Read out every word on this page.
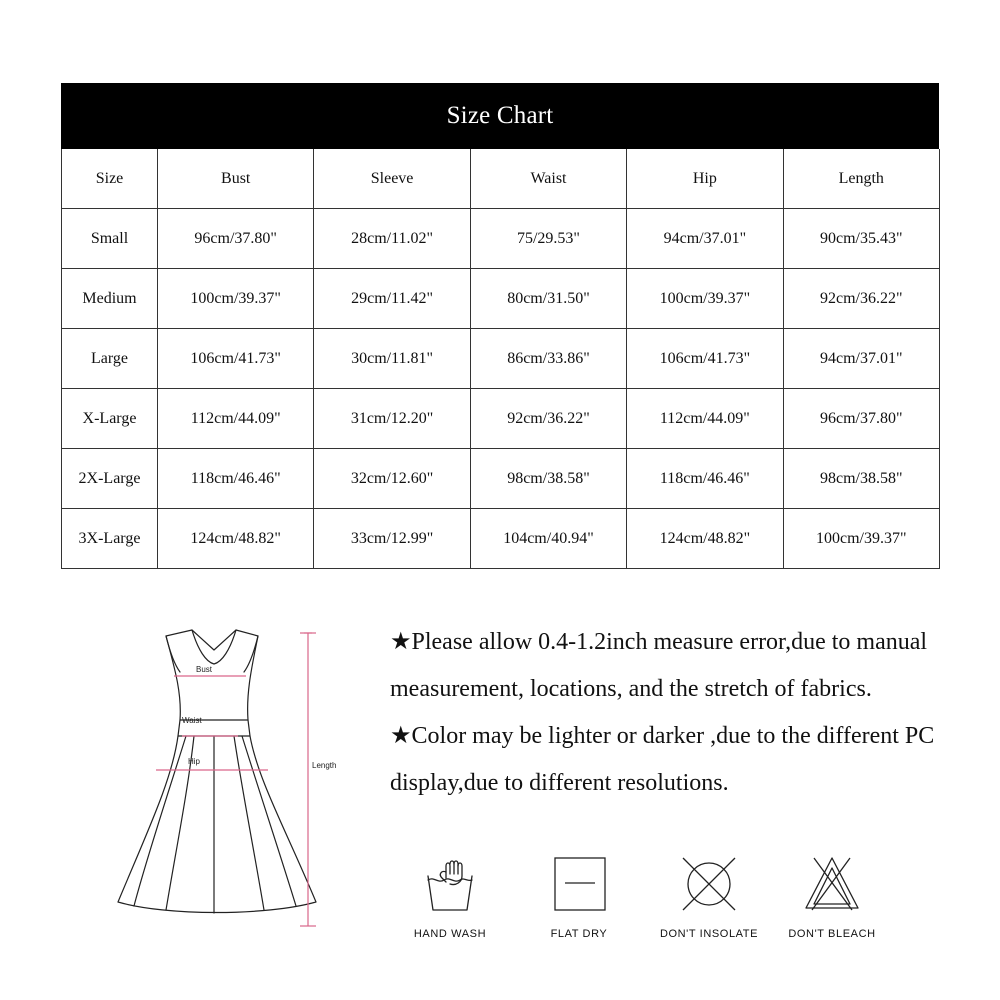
Size Chart
Size	Bust	Sleeve	Waist	Hip	Length
Small	96cm/37.80"	28cm/11.02"	75/29.53"	94cm/37.01"	90cm/35.43"
Medium	100cm/39.37"	29cm/11.42"	80cm/31.50"	100cm/39.37"	92cm/36.22"
Large	106cm/41.73"	30cm/11.81"	86cm/33.86"	106cm/41.73"	94cm/37.01"
X-Large	112cm/44.09"	31cm/12.20"	92cm/36.22"	112cm/44.09"	96cm/37.80"
2X-Large	118cm/46.46"	32cm/12.60"	98cm/38.58"	118cm/46.46"	98cm/38.58"
3X-Large	124cm/48.82"	33cm/12.99"	104cm/40.94"	124cm/48.82"	100cm/39.37"
Bust
Waist
Hip	Length

★Please allow 0.4-1.2inch measure error,due to manual measurement, locations, and the stretch of fabrics.

★Color may be lighter or darker ,due to the different PC display,due to different resolutions.

HAND WASH	FLAT DRY	DON'T INSOLATE	DON'T BLEACH
